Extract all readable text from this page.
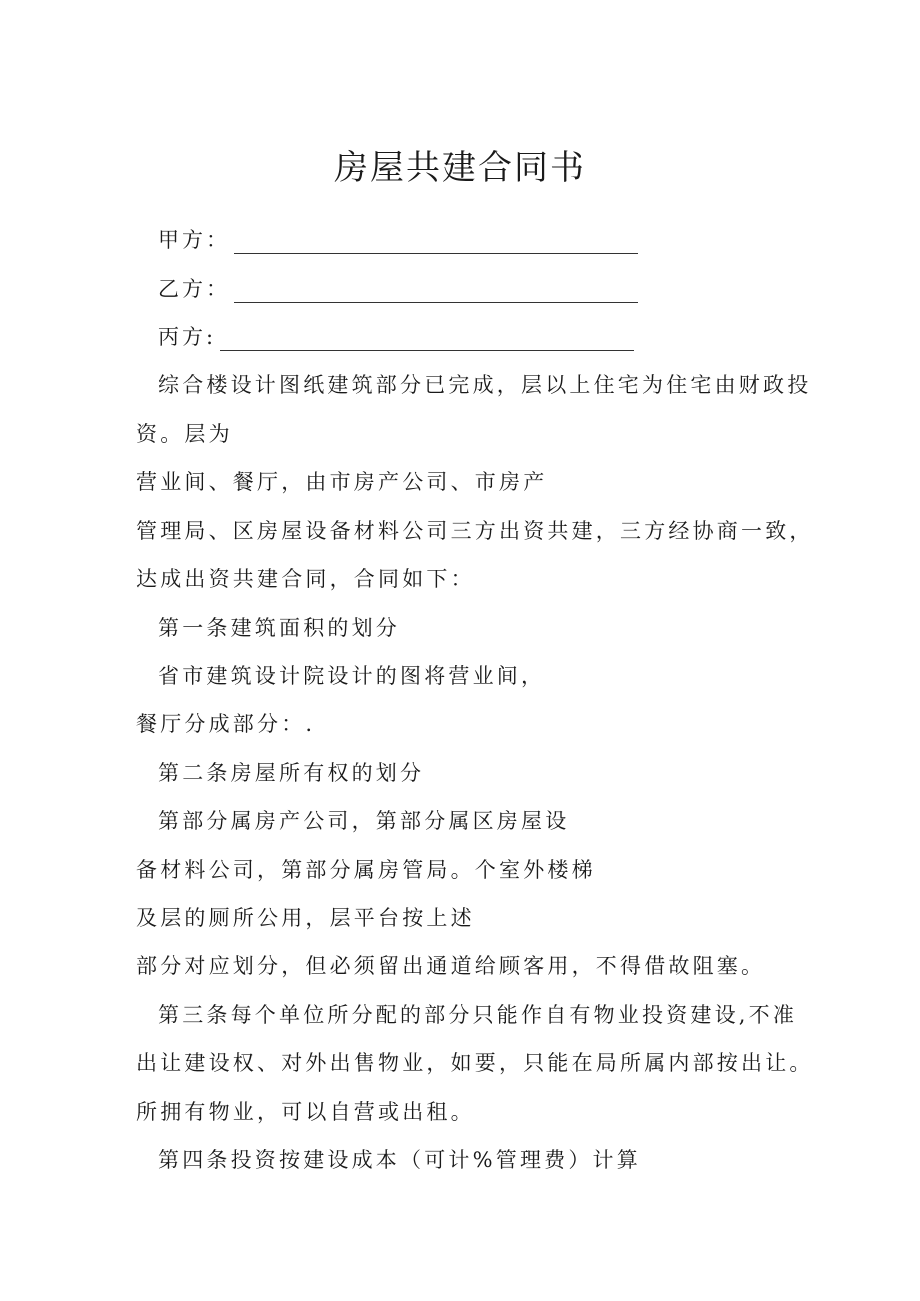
房屋共建合同书
甲方：
乙方：
丙方:

综合楼设计图纸建筑部分已完成，层以上住宅为住宅由财政投

资。层为

营业间、餐厅，由市房产公司、市房产

管理局、区房屋设备材料公司三方出资共建，三方经协商一致，

达成出资共建合同，合同如下：

第一条建筑面积的划分

省市建筑设计院设计的图将营业间，

餐厅分成部分：.

第二条房屋所有权的划分

第部分属房产公司，第部分属区房屋设

备材料公司，第部分属房管局。个室外楼梯

及层的厕所公用，层平台按上述

部分对应划分，但必须留出通道给顾客用，不得借故阻塞。

第三条每个单位所分配的部分只能作自有物业投资建设,不准

出让建设权、对外出售物业，如要，只能在局所属内部按出让。

所拥有物业，可以自营或出租。

第四条投资按建设成本（可计%管理费）计算
